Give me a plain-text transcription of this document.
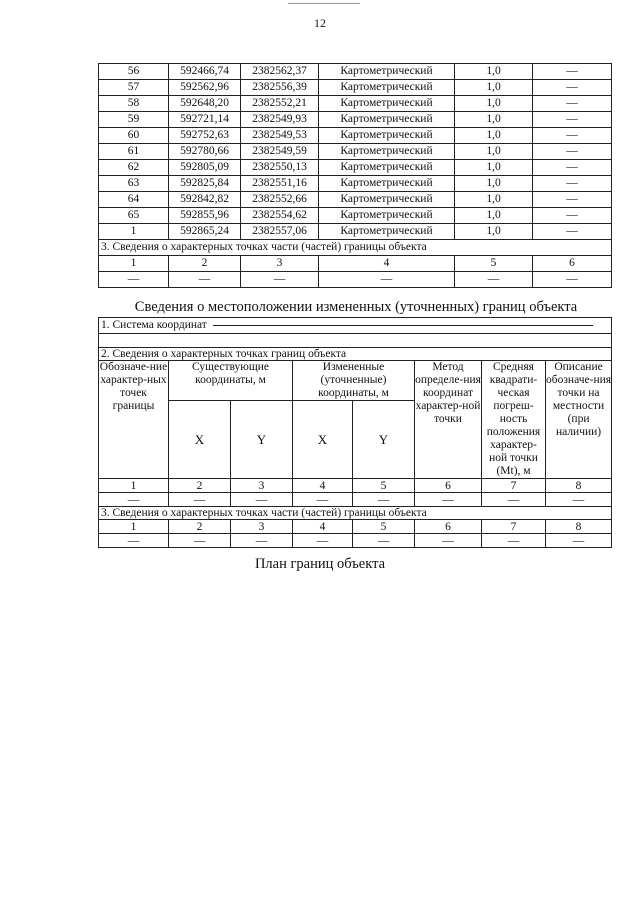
12
56	592466,74	2382562,37	Картометрический	1,0	—
57	592562,96	2382556,39	Картометрический	1,0	—
58	592648,20	2382552,21	Картометрический	1,0	—
59	592721,14	2382549,93	Картометрический	1,0	—
60	592752,63	2382549,53	Картометрический	1,0	—
61	592780,66	2382549,59	Картометрический	1,0	—
62	592805,09	2382550,13	Картометрический	1,0	—
63	592825,84	2382551,16	Картометрический	1,0	—
64	592842,82	2382552,66	Картометрический	1,0	—
65	592855,96	2382554,62	Картометрический	1,0	—
1	592865,24	2382557,06	Картометрический	1,0	—
3. Сведения о характерных точках части (частей) границы объекта					
1	2	3	4	5	6
—	—	—	—	—	—
Сведения о местоположении измененных (уточненных) границ объекта
1. Система координат							

2. Сведения о характерных точках границ объекта							
Обозначе-ние характер-ных точек границы	Существующие координаты, м		Измененные (уточненные) координаты, м		Метод определе-ния координат характер-ной точки	Средняя квадрати-ческая погреш-ность положения характер-ной точки (Mt), м	Описание обозначе-ния точки на местности (при наличии)
	X	Y	X	Y			
1	2	3	4	5	6	7	8
—	—	—	—	—	—	—	—
3. Сведения о характерных точках части (частей) границы объекта							
1	2	3	4	5	6	7	8
—	—	—	—	—	—	—	—
План границ объекта
